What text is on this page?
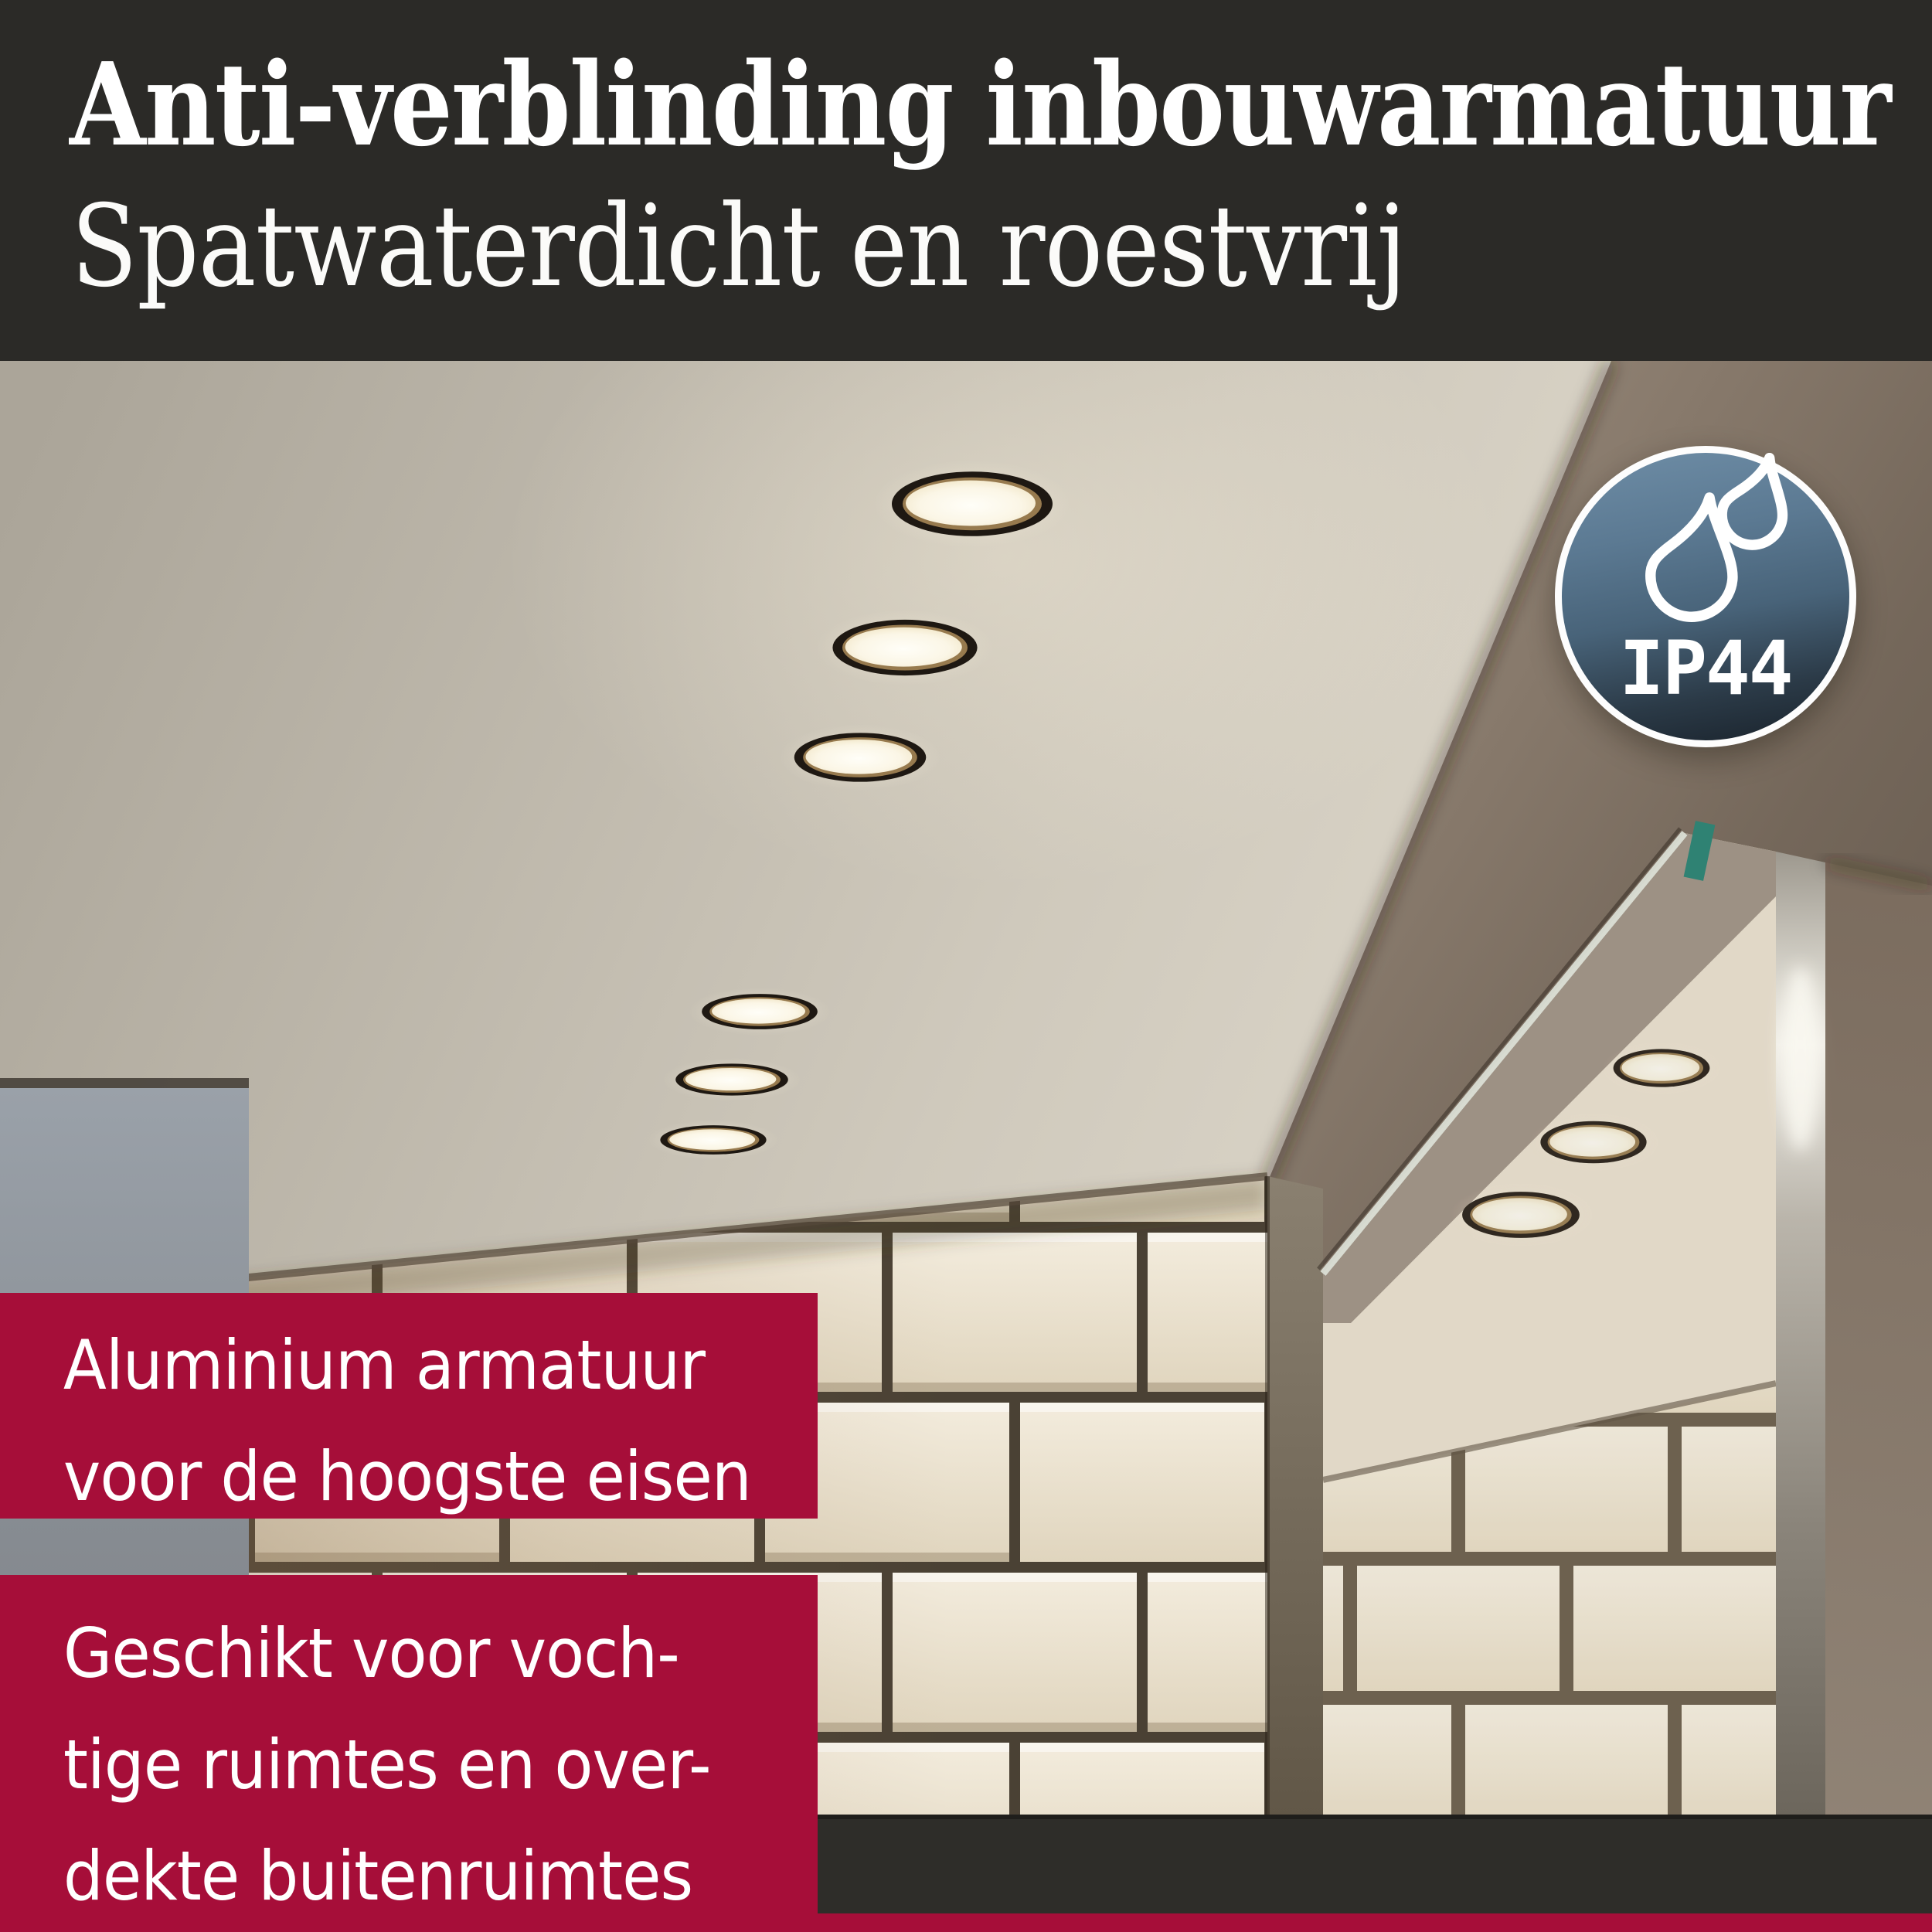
Anti-verblinding inbouwarmatuur
Spatwaterdicht en roestvrij
Aluminium armatuur
voor de hoogste eisen
Geschikt voor voch-
tige ruimtes en over-
dekte buitenruimtes
IP44
